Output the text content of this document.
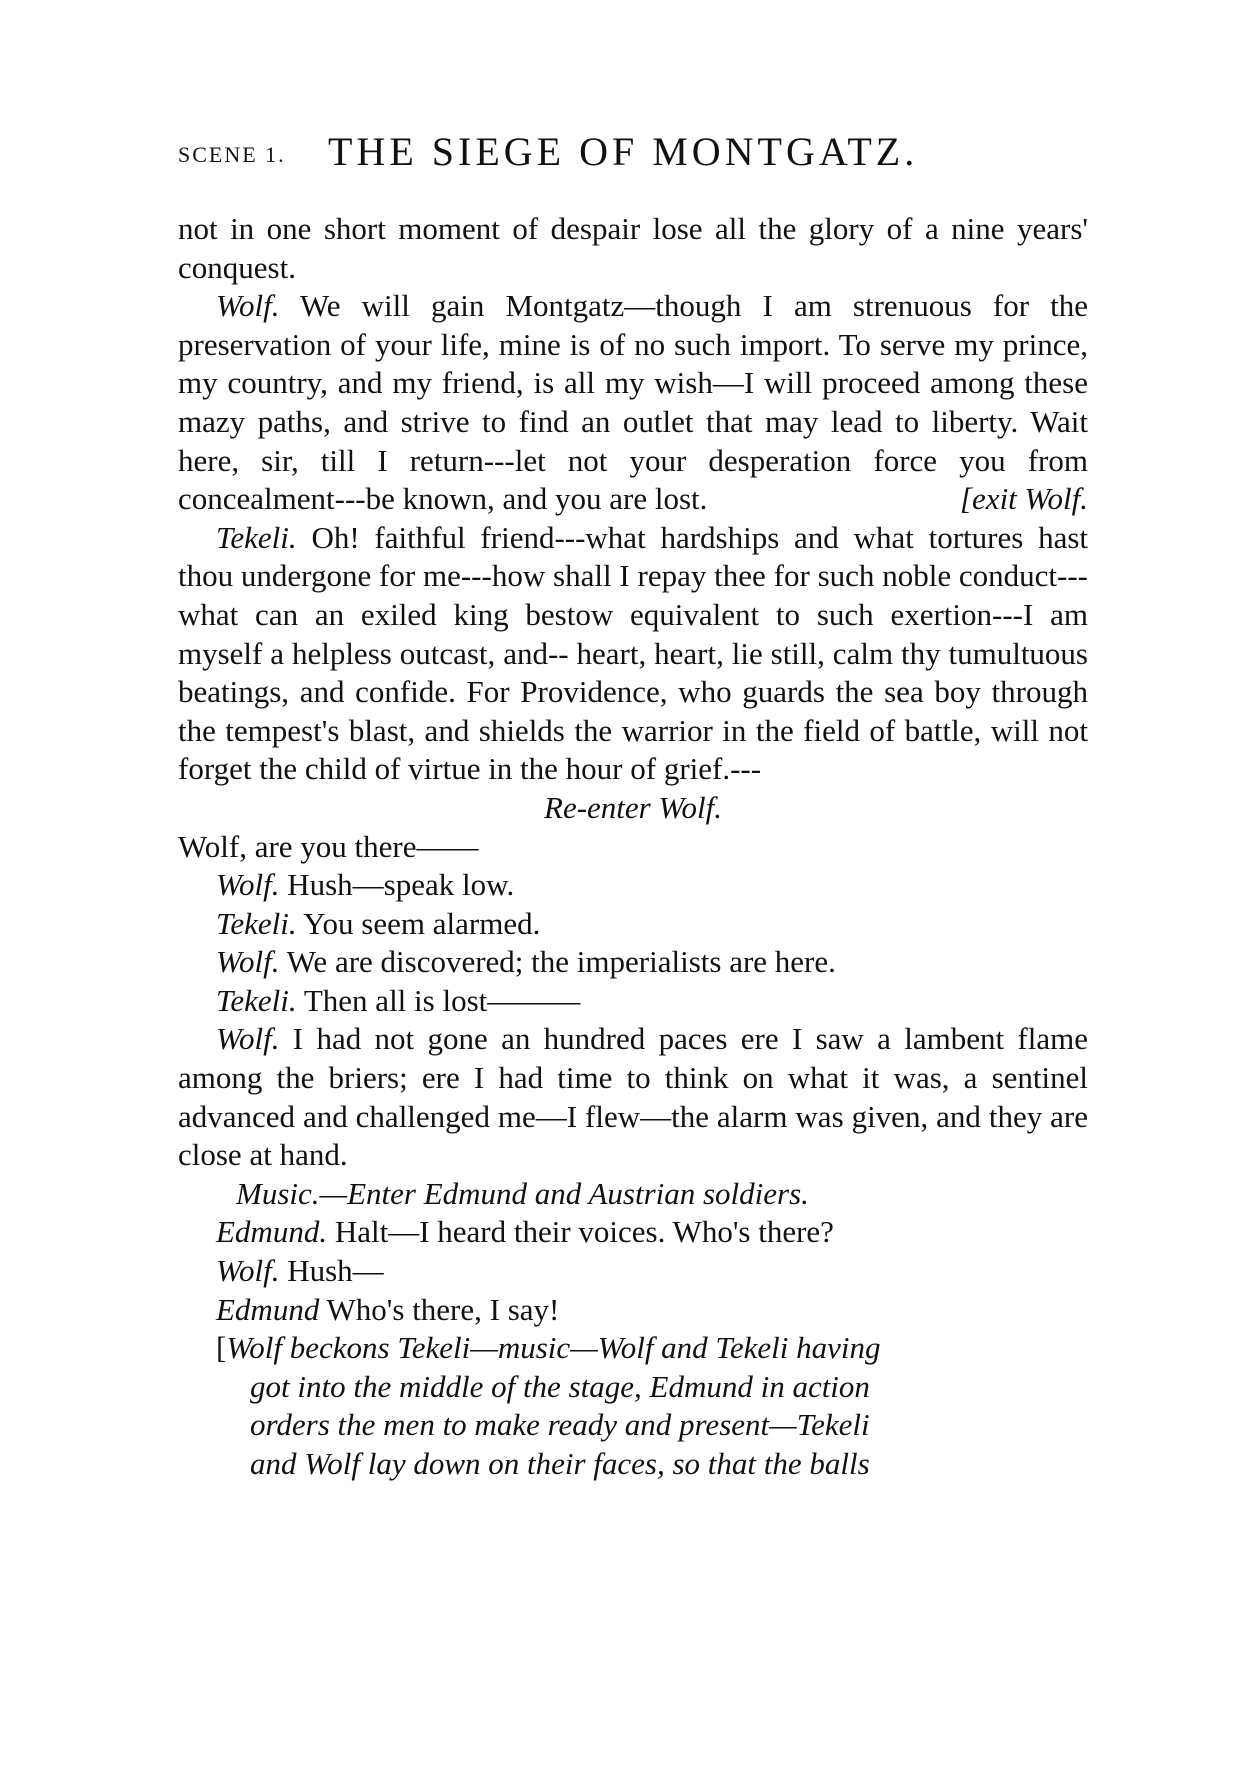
SCENE 1. THE SIEGE OF MONTGATZ.

not in one short moment of despair lose all the glory of a nine years' conquest.

Wolf. We will gain Montgatz—though I am strenuous for the preservation of your life, mine is of no such import. To serve my prince, my country, and my friend, is all my wish—I will proceed among these mazy paths, and strive to find an outlet that may lead to liberty. Wait here, sir, till I return---let not your desperation force you from concealment---be known, and you are lost.	[exit Wolf.

Tekeli. Oh! faithful friend---what hardships and what tortures hast thou undergone for me---how shall I repay thee for such noble conduct---what can an exiled king bestow equivalent to such exertion---I am myself a helpless outcast, and-- heart, heart, lie still, calm thy tumultuous beatings, and confide. For Providence, who guards the sea boy through the tempest's blast, and shields the warrior in the field of battle, will not forget the child of virtue in the hour of grief.---

Re-enter Wolf.

Wolf, are you there——

Wolf. Hush—speak low.

Tekeli. You seem alarmed.

Wolf. We are discovered; the imperialists are here.

Tekeli. Then all is lost———

Wolf. I had not gone an hundred paces ere I saw a lambent flame among the briers; ere I had time to think on what it was, a sentinel advanced and challenged me—I flew—the alarm was given, and they are close at hand.

Music.—Enter Edmund and Austrian soldiers.

Edmund. Halt—I heard their voices. Who's there?

Wolf. Hush—

Edmund Who's there, I say!

[Wolf beckons Tekeli—music—Wolf and Tekeli having
got into the middle of the stage, Edmund in action
orders the men to make ready and present—Tekeli
and Wolf lay down on their faces, so that the balls
